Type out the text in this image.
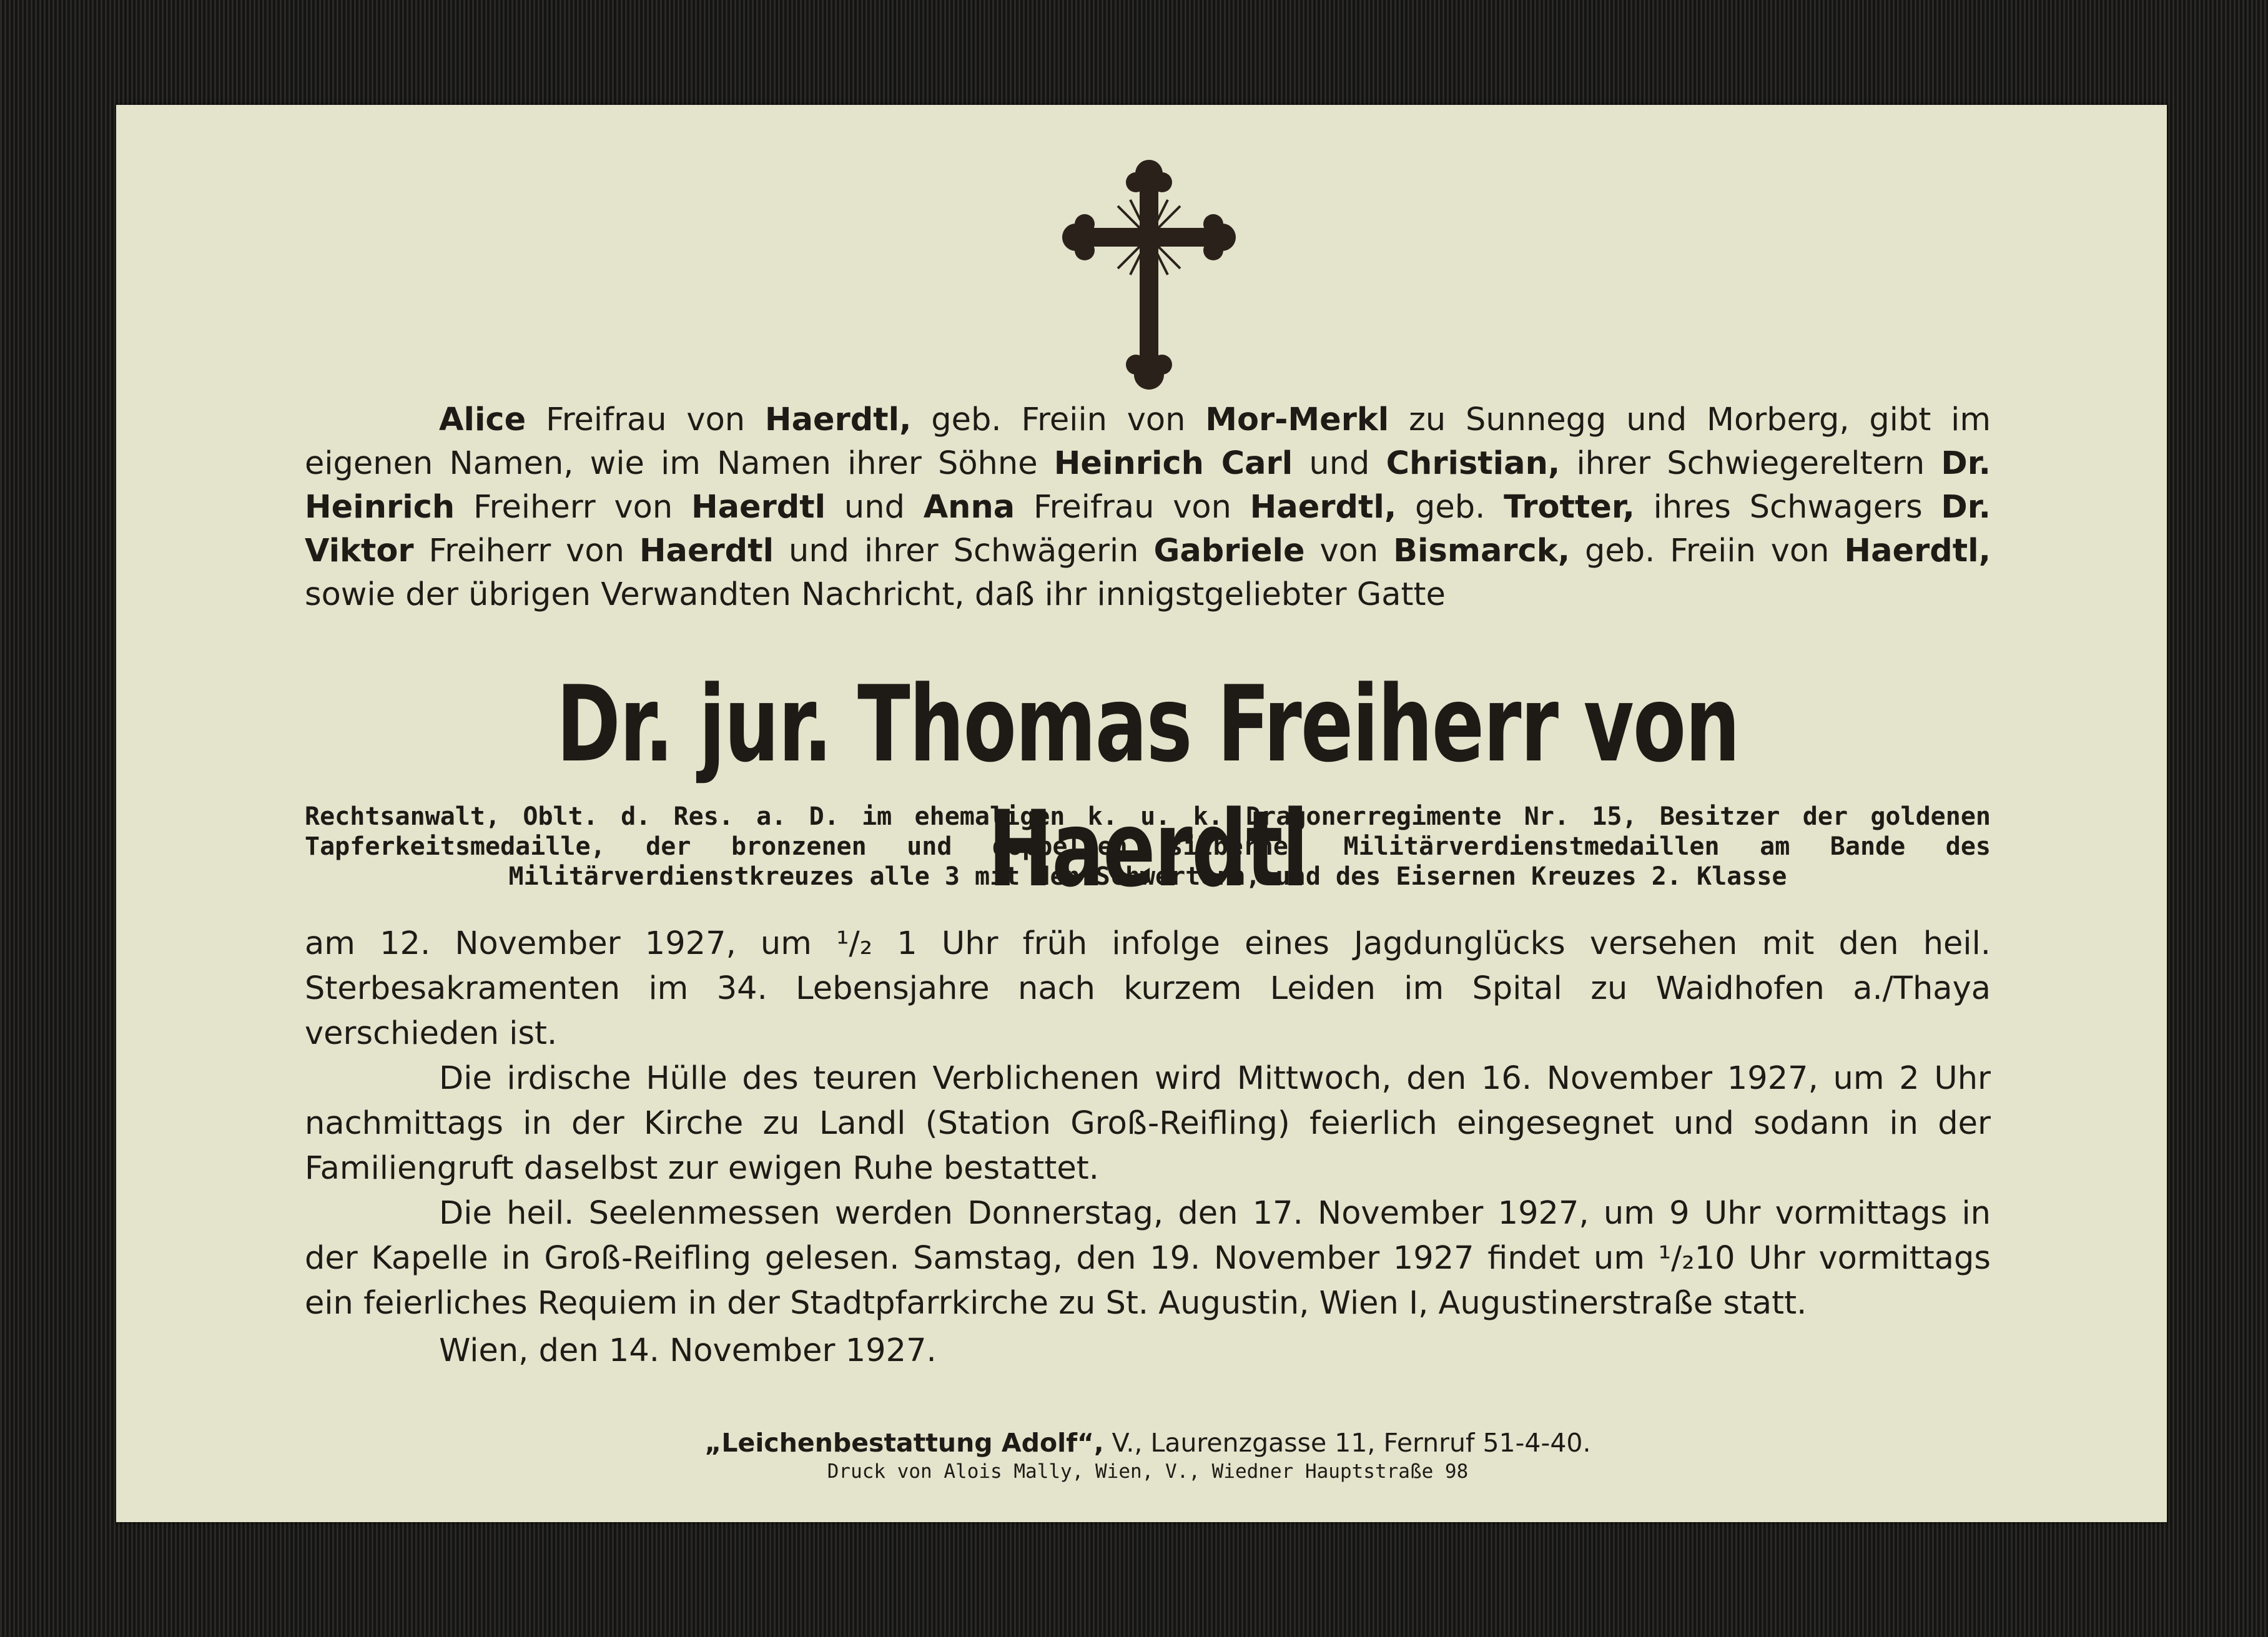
Alice Freifrau von Haerdtl, geb. Freiin von Mor-Merkl zu Sunnegg und Morberg, gibt im eigenen Namen, wie im Namen ihrer Söhne Heinrich Carl und Christian, ihrer Schwiegereltern Dr. Heinrich Freiherr von Haerdtl und Anna Freifrau von Haerdtl, geb. Trotter, ihres Schwagers Dr. Viktor Freiherr von Haerdtl und ihrer Schwägerin Gabriele von Bismarck, geb. Freiin von Haerdtl, sowie der übrigen Verwandten Nachricht, daß ihr innigstgeliebter Gatte

Dr. jur. Thomas Freiherr von Haerdtl
Rechtsanwalt, Oblt. d. Res. a. D. im ehemaligen k. u. k. Dragonerregimente Nr. 15, Besitzer der goldenen Tapferkeitsmedaille, der bronzenen und doppelten silbernen Militärverdienstmedaillen am Bande des Militärverdienstkreuzes alle 3 mit den Schwertern, und des Eisernen Kreuzes 2. Klasse

am 12. November 1927, um ¹/₂ 1 Uhr früh infolge eines Jagdunglücks versehen mit den heil. Sterbesakramenten im 34. Lebensjahre nach kurzem Leiden im Spital zu Waidhofen a./Thaya verschieden ist.

Die irdische Hülle des teuren Verblichenen wird Mittwoch, den 16. November 1927, um 2 Uhr nachmittags in der Kirche zu Landl (Station Groß-Reifling) feierlich eingesegnet und sodann in der Familiengruft daselbst zur ewigen Ruhe bestattet.

Die heil. Seelenmessen werden Donnerstag, den 17. November 1927, um 9 Uhr vormittags in der Kapelle in Groß-Reifling gelesen. Samstag, den 19. November 1927 findet um ¹/₂10 Uhr vormittags ein feierliches Requiem in der Stadtpfarrkirche zu St. Augustin, Wien I, Augustinerstraße statt.

Wien, den 14. November 1927.
„Leichenbestattung Adolf“, V., Laurenzgasse 11, Fernruf 51-4-40.
Druck von Alois Mally, Wien, V., Wiedner Hauptstraße 98
